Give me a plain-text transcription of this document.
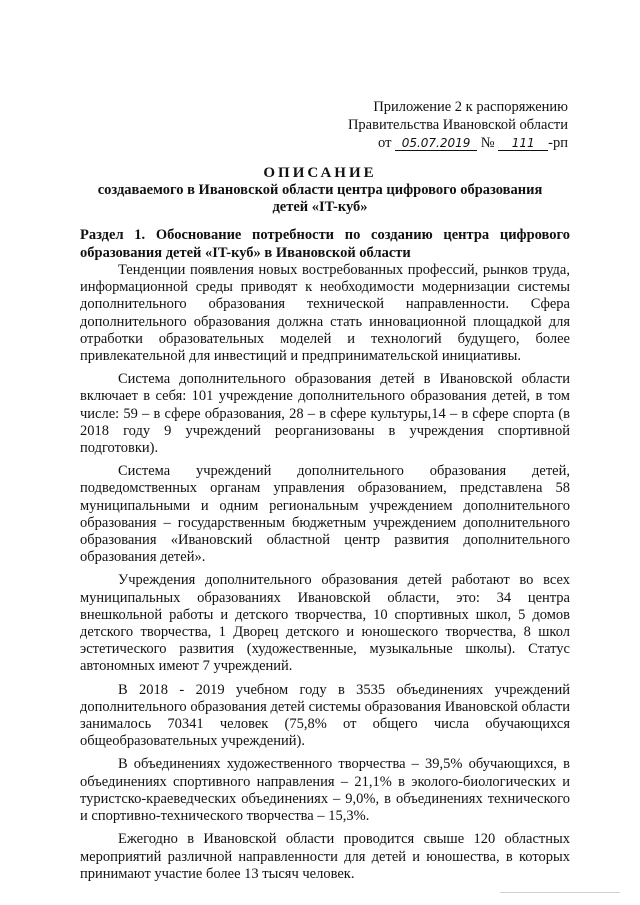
Приложение 2 к распоряжению
Правительства Ивановской области
от 05.07.2019 № 111 -рп
ОПИСАНИЕ
создаваемого в Ивановской области центра цифрового образования
детей «IT-куб»
Раздел 1. Обоснование потребности по созданию центра цифрового образования детей «IT-куб» в Ивановской области

Тенденции появления новых востребованных профессий, рынков труда, информационной среды приводят к необходимости модернизации системы дополнительного образования технической направленности. Сфера дополнительного образования должна стать инновационной площадкой для отработки образовательных моделей и технологий будущего, более привлекательной для инвестиций и предпринимательской инициативы.

Система дополнительного образования детей в Ивановской области включает в себя: 101 учреждение дополнительного образования детей, в том числе: 59 – в сфере образования, 28 – в сфере культуры,14 – в сфере спорта (в 2018 году 9 учреждений реорганизованы в учреждения спортивной подготовки).

Система учреждений дополнительного образования детей, подведомственных органам управления образованием, представлена 58 муниципальными и одним региональным учреждением дополнительного образования – государственным бюджетным учреждением дополнительного образования «Ивановский областной центр развития дополнительного образования детей».

Учреждения дополнительного образования детей работают во всех муниципальных образованиях Ивановской области, это: 34 центра внешкольной работы и детского творчества, 10 спортивных школ, 5 домов детского творчества, 1 Дворец детского и юношеского творчества, 8 школ эстетического развития (художественные, музыкальные школы). Статус автономных имеют 7 учреждений.

В 2018 - 2019 учебном году в 3535 объединениях учреждений дополнительного образования детей системы образования Ивановской области занималось 70341 человек (75,8% от общего числа обучающихся общеобразовательных учреждений).

В объединениях художественного творчества – 39,5% обучающихся, в объединениях спортивного направления – 21,1% в эколого-биологических и туристско-краеведческих объединениях – 9,0%, в объединениях технического и спортивно-технического творчества – 15,3%.

Ежегодно в Ивановской области проводится свыше 120 областных мероприятий различной направленности для детей и юношества, в которых принимают участие более 13 тысяч человек.
